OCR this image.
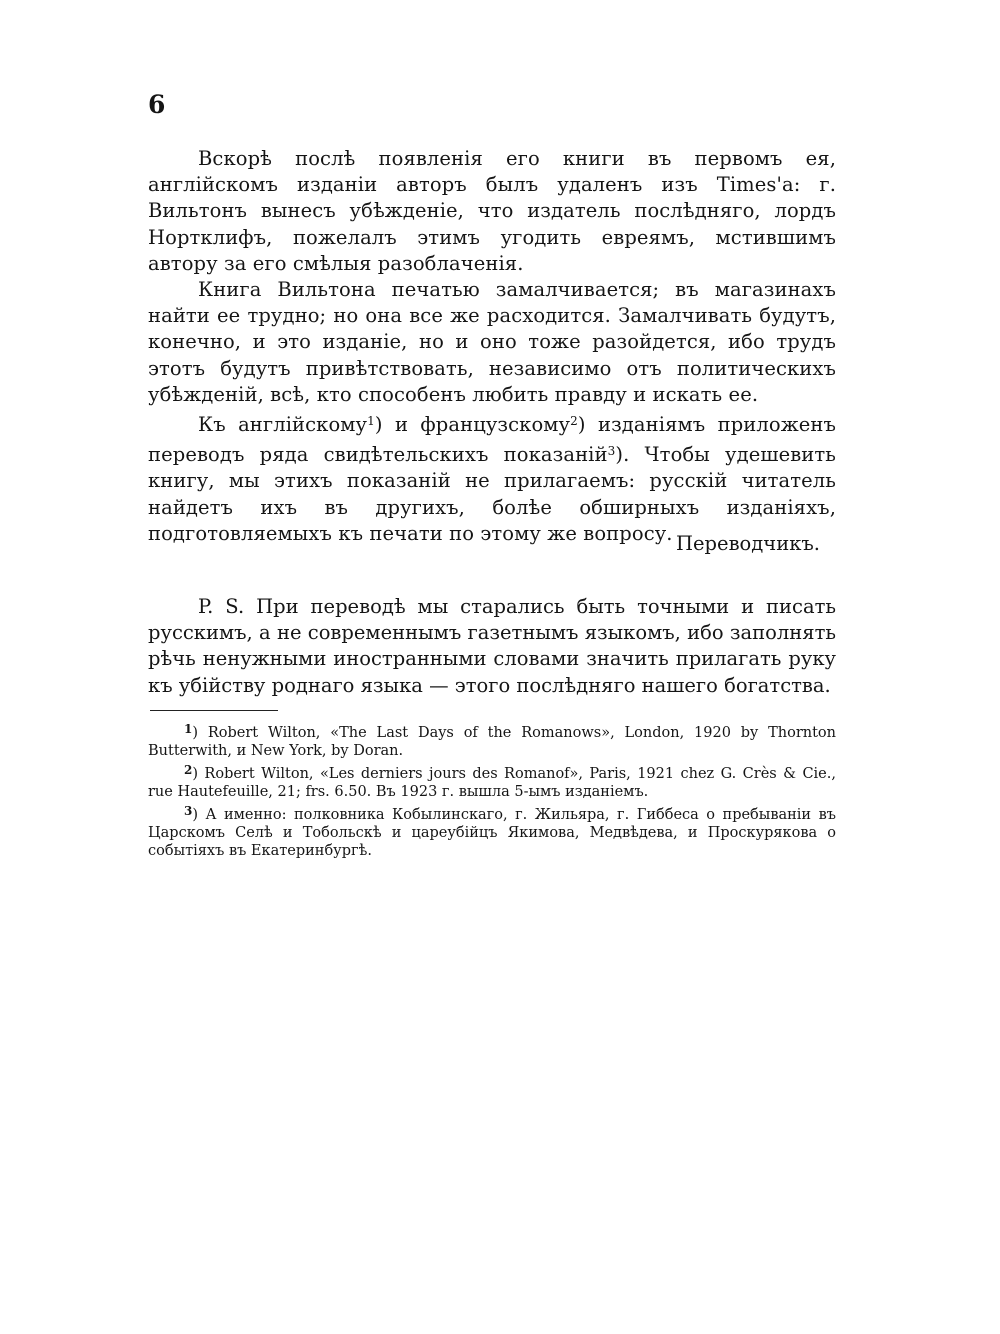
6

Вскорѣ послѣ появленія его книги въ первомъ ея, англійскомъ изданіи авторъ былъ удаленъ изъ Times'а: г. Вильтонъ вынесъ убѣжденіе, что издатель послѣдняго, лордъ Нортклифъ, пожелалъ этимъ угодить евреямъ, мстившимъ автору за его смѣлыя разоблаченія.

Книга Вильтона печатью замалчивается; въ магазинахъ найти ее трудно; но она все же расходится. Замалчивать будутъ, конечно, и это изданіе, но и оно тоже разойдется, ибо трудъ этотъ будутъ привѣтствовать, независимо отъ политическихъ убѣжденій, всѣ, кто способенъ любить правду и искать ее.

Къ англійскому$^1$) и французскому$^2$) изданіямъ приложенъ переводъ ряда свидѣтельскихъ показаній$^3$). Чтобы удешевить книгу, мы этихъ показаній не прилагаемъ: русскій читатель найдетъ ихъ въ другихъ, болѣе обширныхъ изданіяхъ, подготовляемыхъ къ печати по этому же вопросу. Переводчикъ.

P. S. При переводѣ мы старались быть точными и писать русскимъ, а не современнымъ газетнымъ языкомъ, ибо заполнять рѣчь ненужными иностранными словами значить прилагать руку къ убійству роднаго языка — этого послѣдняго нашего богатства.

$^1$) Robert Wilton, «The Last Days of the Romanows», London, 1920 by Thornton Butterwith, и New York, by Doran.

$^2$) Robert Wilton, «Les derniers jours des Romanof», Paris, 1921 chez G. Crès & Cie., rue Hautefeuille, 21; frs. 6.50. Въ 1923 г. вышла 5-ымъ изданіемъ.

$^3$) А именно: полковника Кобылинскаго, г. Жильяра, г. Гиббеса о пребываніи въ Царскомъ Селѣ и Тобольскѣ и цареубійцъ Якимова, Медвѣдева, и Проскурякова о событіяхъ въ Екатеринбургѣ.
